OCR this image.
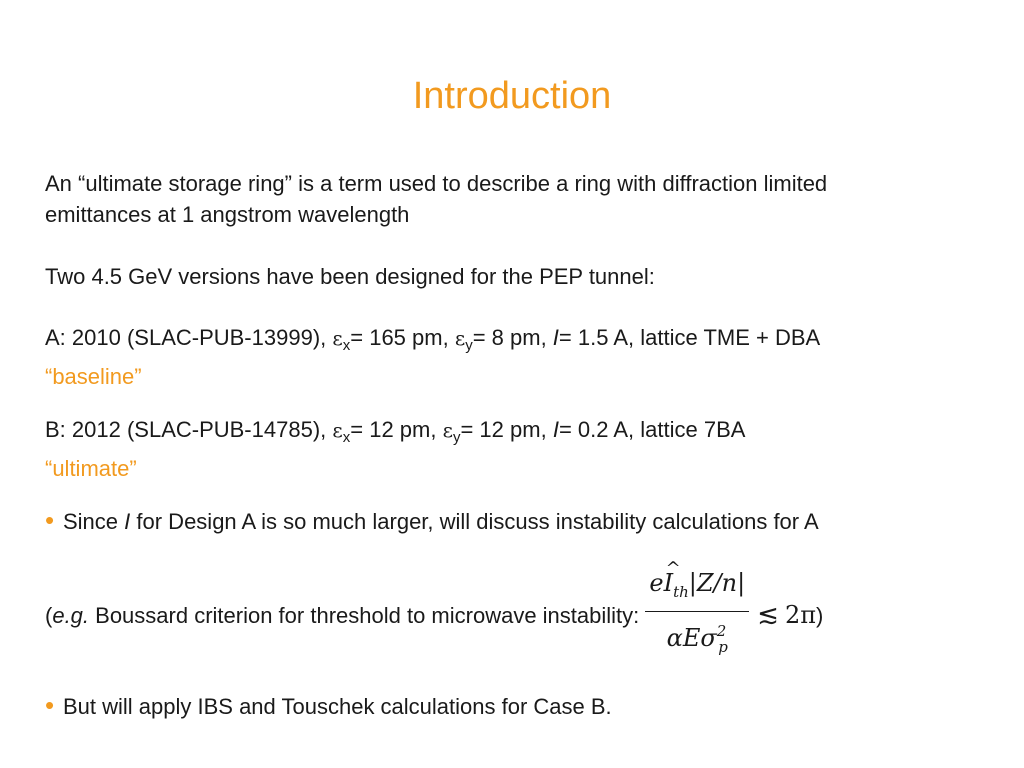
Introduction
An “ultimate storage ring” is a term used to describe a ring with diffraction limited
emittances at 1 angstrom wavelength
Two 4.5 GeV versions have been designed for the PEP tunnel:
A: 2010 (SLAC-PUB-13999), $\varepsilon_x= 165$ pm, $\varepsilon_y= 8$ pm, I= 1.5 A, lattice TME + DBA
“baseline”
B: 2012 (SLAC-PUB-14785), $\varepsilon_x= 12$ pm, $\varepsilon_y= 12$ pm, I= 0.2 A, lattice 7BA
“ultimate”
• Since I for Design A is so much larger, will discuss instability calculations for A
(e.g. Boussard criterion for threshold to microwave instability: $\frac{e\^{} I_{th}|Z/n|}{\alpha E\sigma^2_p}$ ≲ 2π)
• But will apply IBS and Touschek calculations for Case B.
